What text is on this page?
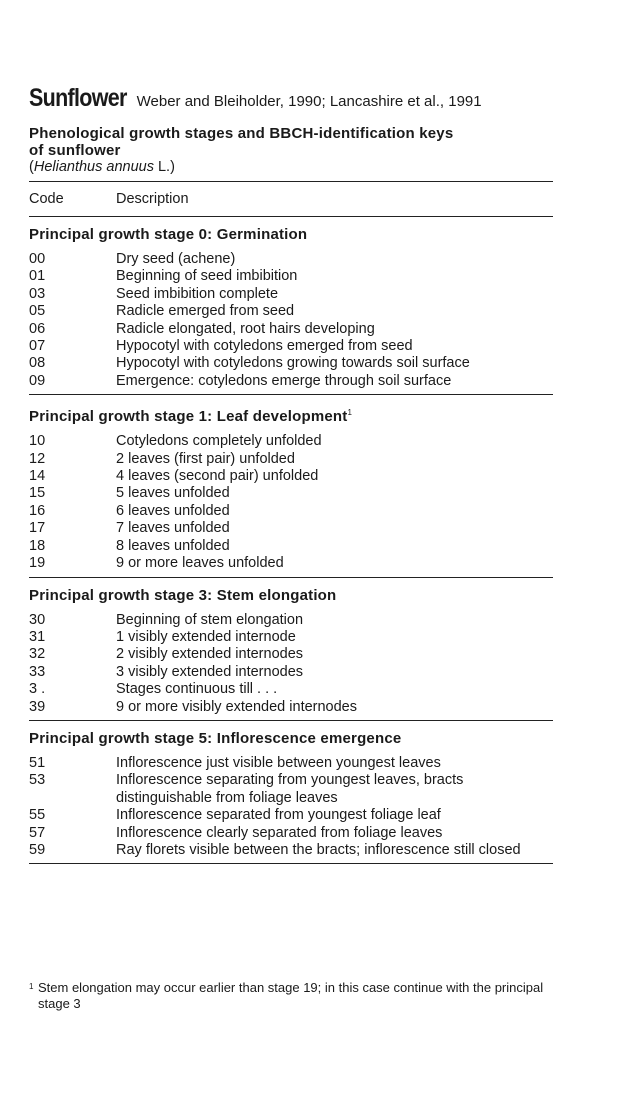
Sunflower Weber and Bleiholder, 1990; Lancashire et al., 1991
Phenological growth stages and BBCH-identification keys
of sunflower
(Helianthus annuus L.)
Code	Description
Principal growth stage 0: Germination
00	Dry seed (achene)
01	Beginning of seed imbibition
03	Seed imbibition complete
05	Radicle emerged from seed
06	Radicle elongated, root hairs developing
07	Hypocotyl with cotyledons emerged from seed
08	Hypocotyl with cotyledons growing towards soil surface
09	Emergence: cotyledons emerge through soil surface
Principal growth stage 1: Leaf development$^1$
10	Cotyledons completely unfolded
12	2 leaves (first pair) unfolded
14	4 leaves (second pair) unfolded
15	5 leaves unfolded
16	6 leaves unfolded
17	7 leaves unfolded
18	8 leaves unfolded
19	9 or more leaves unfolded
Principal growth stage 3: Stem elongation
30	Beginning of stem elongation
31	1 visibly extended internode
32	2 visibly extended internodes
33	3 visibly extended internodes
3 .	Stages continuous till . . .
39	9 or more visibly extended internodes
Principal growth stage 5: Inflorescence emergence
51	Inflorescence just visible between youngest leaves
53	Inflorescence separating from youngest leaves, bracts distinguishable from foliage leaves
55	Inflorescence separated from youngest foliage leaf
57	Inflorescence clearly separated from foliage leaves
59	Ray florets visible between the bracts; inflorescence still closed
1 Stem elongation may occur earlier than stage 19; in this case continue with the principal stage 3
